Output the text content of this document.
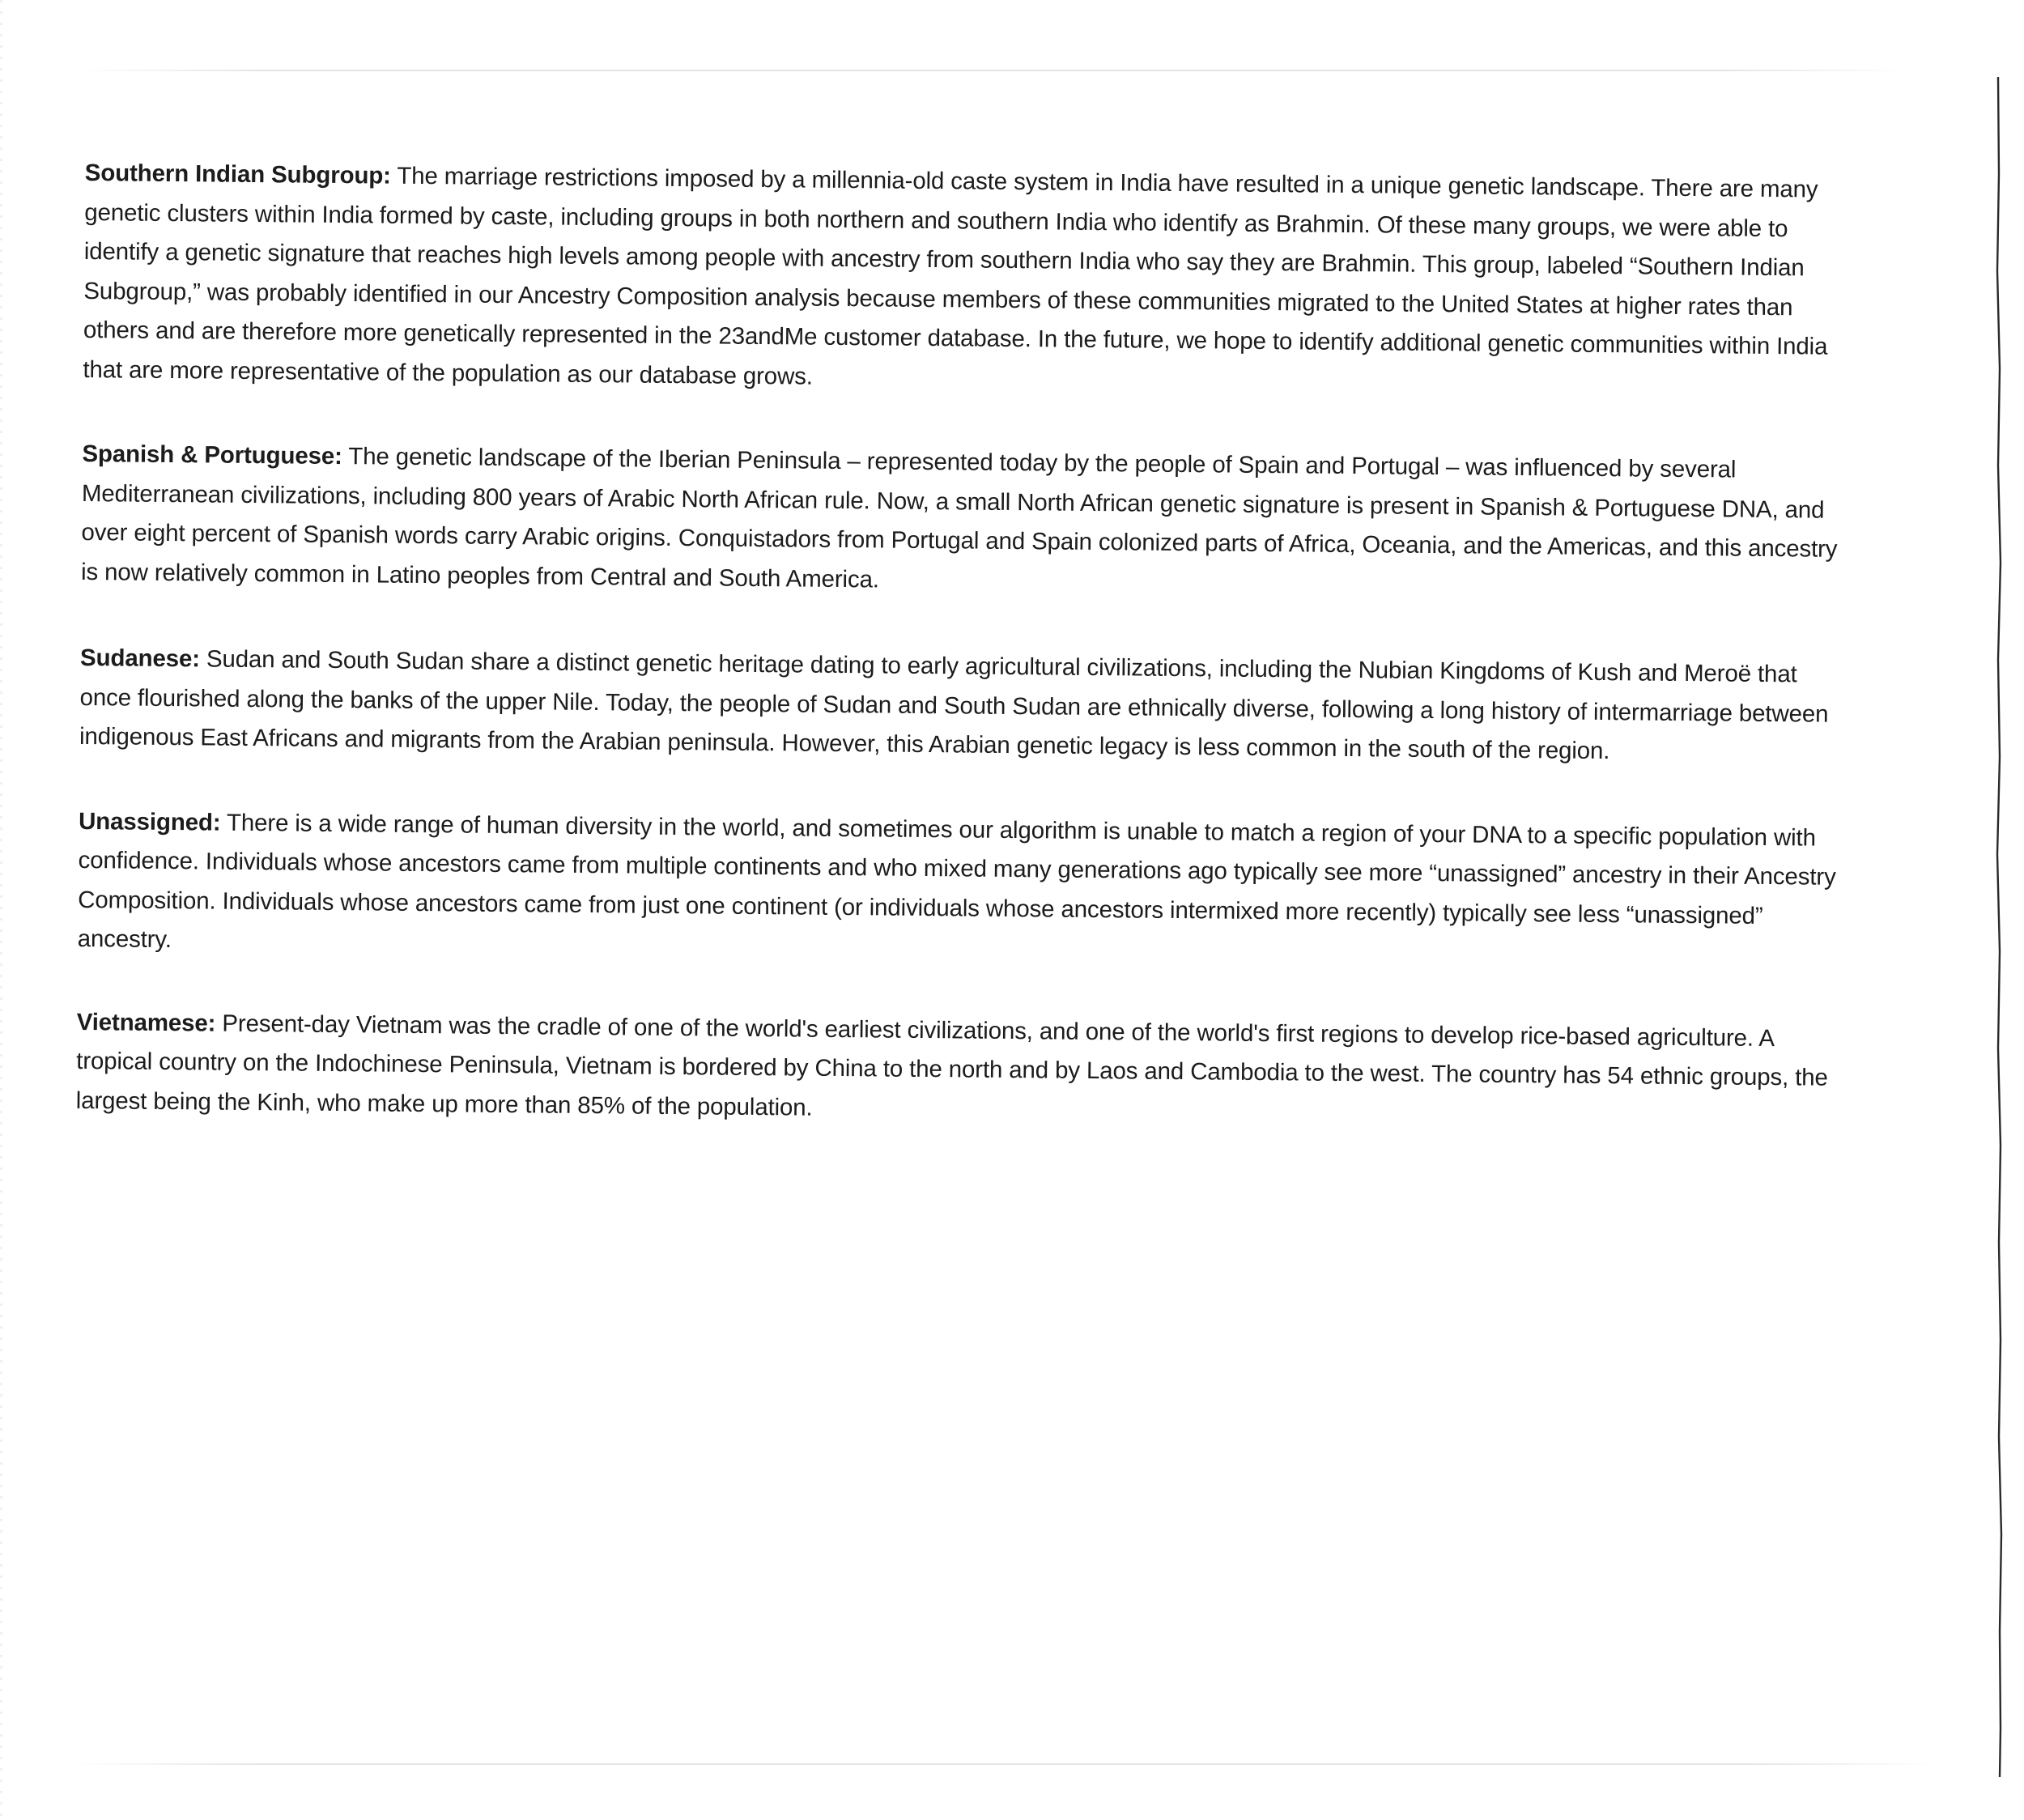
Southern Indian Subgroup: The marriage restrictions imposed by a millennia-old caste system in India have resulted in a unique genetic landscape. There are many genetic clusters within India formed by caste, including groups in both northern and southern India who identify as Brahmin. Of these many groups, we were able to identify a genetic signature that reaches high levels among people with ancestry from southern India who say they are Brahmin. This group, labeled “Southern Indian Subgroup,” was probably identified in our Ancestry Composition analysis because members of these communities migrated to the United States at higher rates than others and are therefore more genetically represented in the 23andMe customer database. In the future, we hope to identify additional genetic communities within India that are more representative of the population as our database grows.

Spanish & Portuguese: The genetic landscape of the Iberian Peninsula – represented today by the people of Spain and Portugal – was influenced by several Mediterranean civilizations, including 800 years of Arabic North African rule. Now, a small North African genetic signature is present in Spanish & Portuguese DNA, and over eight percent of Spanish words carry Arabic origins. Conquistadors from Portugal and Spain colonized parts of Africa, Oceania, and the Americas, and this ancestry is now relatively common in Latino peoples from Central and South America.

Sudanese: Sudan and South Sudan share a distinct genetic heritage dating to early agricultural civilizations, including the Nubian Kingdoms of Kush and Meroë that once flourished along the banks of the upper Nile. Today, the people of Sudan and South Sudan are ethnically diverse, following a long history of intermarriage between indigenous East Africans and migrants from the Arabian peninsula. However, this Arabian genetic legacy is less common in the south of the region.

Unassigned: There is a wide range of human diversity in the world, and sometimes our algorithm is unable to match a region of your DNA to a specific population with confidence. Individuals whose ancestors came from multiple continents and who mixed many generations ago typically see more “unassigned” ancestry in their Ancestry Composition. Individuals whose ancestors came from just one continent (or individuals whose ancestors intermixed more recently) typically see less “unassigned” ancestry.

Vietnamese: Present-day Vietnam was the cradle of one of the world's earliest civilizations, and one of the world's first regions to develop rice-based agriculture. A tropical country on the Indochinese Peninsula, Vietnam is bordered by China to the north and by Laos and Cambodia to the west. The country has 54 ethnic groups, the largest being the Kinh, who make up more than 85% of the population.
